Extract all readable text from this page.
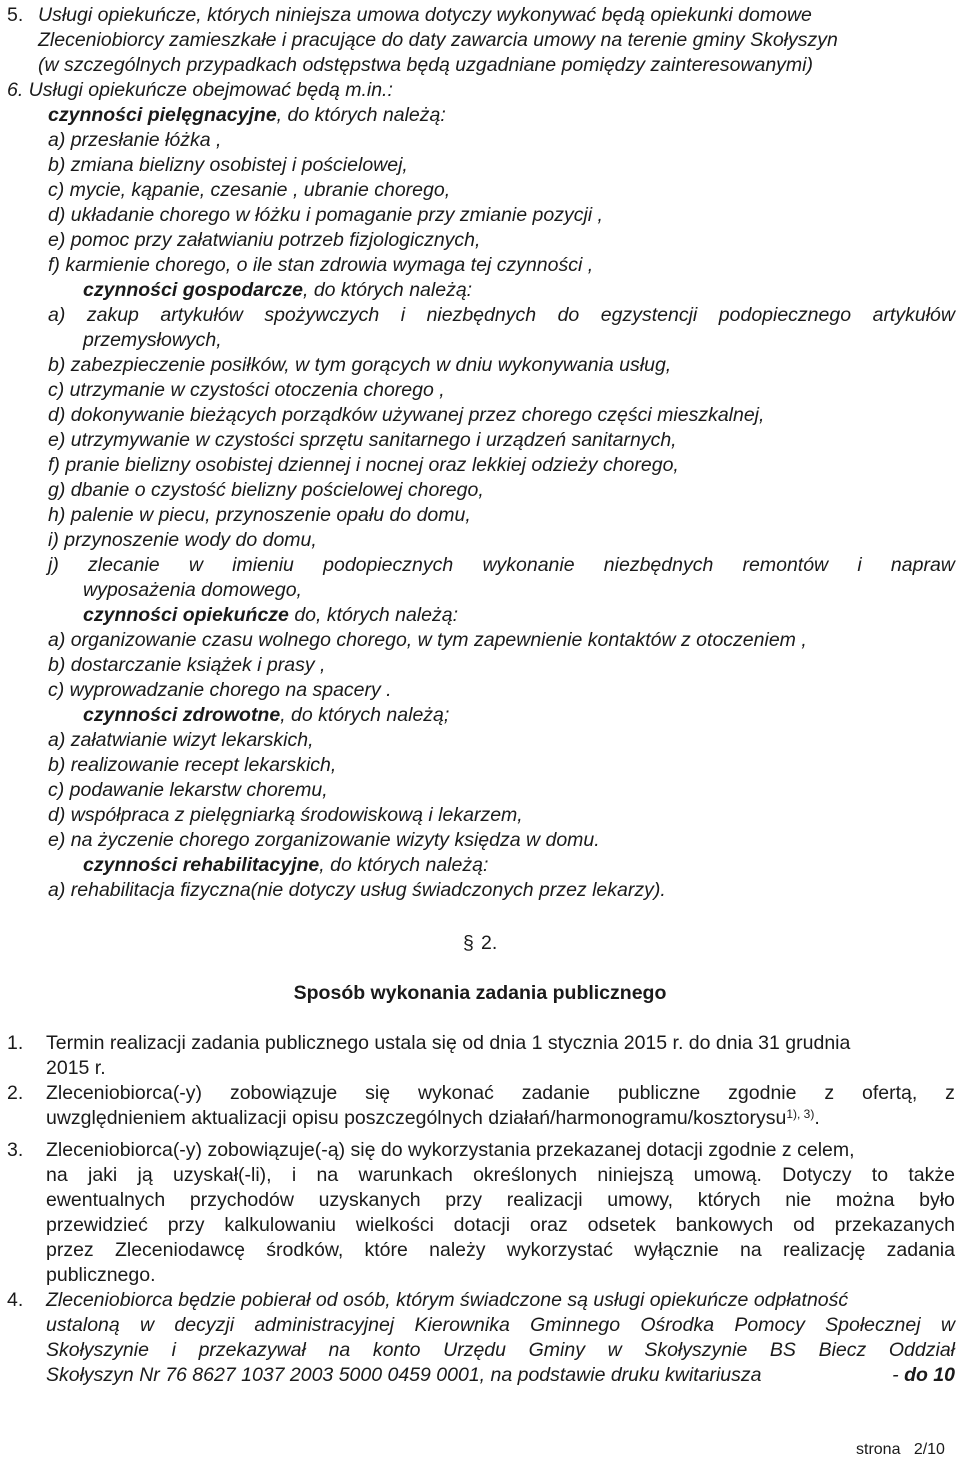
5. Usługi opiekuńcze, których niniejsza umowa dotyczy wykonywać będą opiekunki domowe
Zleceniobiorcy zamieszkałe i pracujące do daty zawarcia umowy na terenie gminy Skołyszyn
(w szczególnych przypadkach odstępstwa będą uzgadniane pomiędzy zainteresowanymi)
6. Usługi opiekuńcze obejmować będą m.in.:
czynności pielęgnacyjne, do których należą:
a) przesłanie łóżka ,
b) zmiana bielizny osobistej i pościelowej,
c) mycie, kąpanie, czesanie , ubranie chorego,
d) układanie chorego w łóżku i pomaganie przy zmianie pozycji ,
e) pomoc przy załatwianiu potrzeb fizjologicznych,
f) karmienie chorego, o ile stan zdrowia wymaga tej czynności ,
czynności gospodarcze, do których należą:
a) zakup artykułów spożywczych i niezbędnych do egzystencji podopiecznego artykułów
przemysłowych,
b) zabezpieczenie posiłków, w tym gorących w dniu wykonywania usług,
c) utrzymanie w czystości otoczenia chorego ,
d) dokonywanie bieżących porządków używanej przez chorego części mieszkalnej,
e) utrzymywanie w czystości sprzętu sanitarnego i urządzeń sanitarnych,
f) pranie bielizny osobistej dziennej i nocnej oraz lekkiej odzieży chorego,
g) dbanie o czystość bielizny pościelowej chorego,
h) palenie w piecu, przynoszenie opału do domu,
i) przynoszenie wody do domu,
j) zlecanie w imieniu podopiecznych wykonanie niezbędnych remontów i napraw
wyposażenia domowego,
czynności opiekuńcze do, których należą:
a) organizowanie czasu wolnego chorego, w tym zapewnienie kontaktów z otoczeniem ,
b) dostarczanie książek i prasy ,
c) wyprowadzanie chorego na spacery .
czynności zdrowotne, do których należą;
a) załatwianie wizyt lekarskich,
b) realizowanie recept lekarskich,
c) podawanie lekarstw choremu,
d) współpraca z pielęgniarką środowiskową i lekarzem,
e) na życzenie chorego zorganizowanie wizyty księdza w domu.
czynności rehabilitacyjne, do których należą:
a) rehabilitacja fizyczna(nie dotyczy usług świadczonych przez lekarzy).
§ 2.
Sposób wykonania zadania publicznego
1. Termin realizacji zadania publicznego ustala się od dnia 1 stycznia 2015 r. do dnia 31 grudnia
2015 r.
2. Zleceniobiorca(-y) zobowiązuje się wykonać zadanie publiczne zgodnie z ofertą, z
uwzględnieniem aktualizacji opisu poszczególnych działań/harmonogramu/kosztorysu$^{1), 3)}$.
3. Zleceniobiorca(-y) zobowiązuje(-ą) się do wykorzystania przekazanej dotacji zgodnie z celem,
na jaki ją uzyskał(-li), i na warunkach określonych niniejszą umową. Dotyczy to także
ewentualnych przychodów uzyskanych przy realizacji umowy, których nie można było
przewidzieć przy kalkulowaniu wielkości dotacji oraz odsetek bankowych od przekazanych
przez Zleceniodawcę środków, które należy wykorzystać wyłącznie na realizację zadania
publicznego.
4. Zleceniobiorca będzie pobierał od osób, którym świadczone są usługi opiekuńcze odpłatność
ustaloną w decyzji administracyjnej Kierownika Gminnego Ośrodka Pomocy Społecznej w
Skołyszynie i przekazywał na konto Urzędu Gminy w Skołyszynie BS Biecz Oddział
Skołyszyn Nr 76 8627 1037 2003 5000 0459 0001, na podstawie druku kwitariusza	- do 10
strona 2/10
